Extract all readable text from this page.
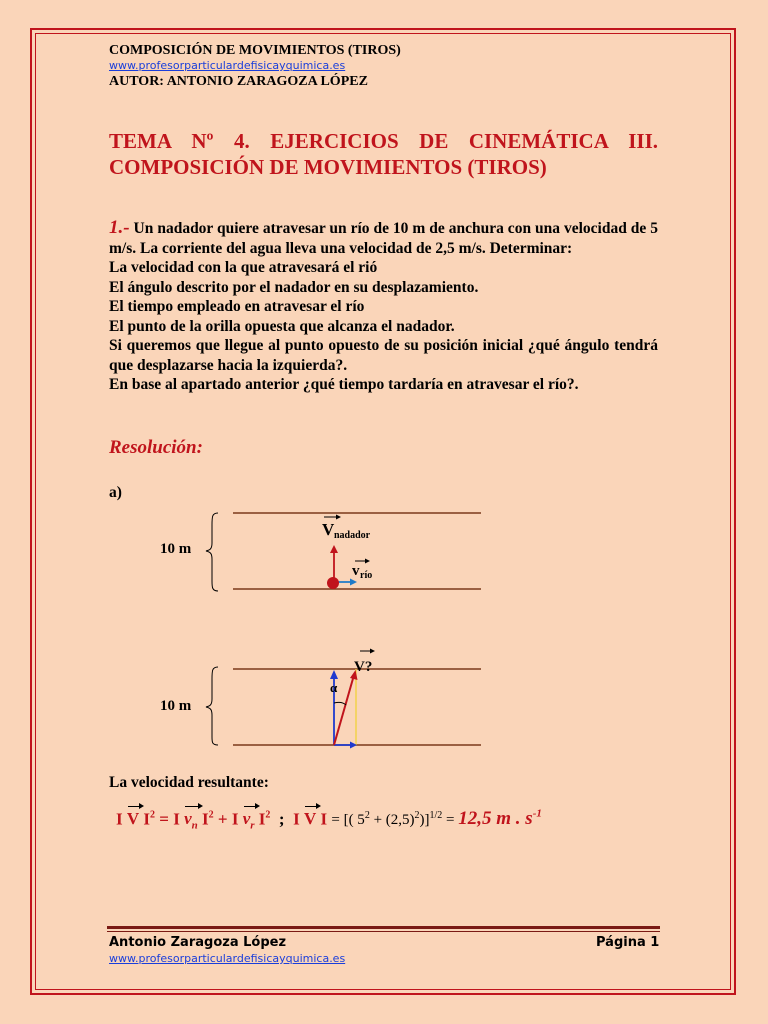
COMPOSICIÓN DE MOVIMIENTOS (TIROS)
www.profesorparticulardefisicayquimica.es
AUTOR: ANTONIO ZARAGOZA LÓPEZ
TEMA Nº 4. EJERCICIOS DE CINEMÁTICA III. COMPOSICIÓN DE MOVIMIENTOS (TIROS)
1.- Un nadador quiere atravesar un río de 10 m de anchura con una velocidad de 5 m/s. La corriente del agua lleva una velocidad de 2,5 m/s. Determinar:
La velocidad con la que atravesará el rió
El ángulo descrito por el nadador en su desplazamiento.
El tiempo empleado en atravesar el río
El punto de la orilla opuesta que alcanza el nadador.
Si queremos que llegue al punto opuesto de su posición inicial ¿qué ángulo tendrá que desplazarse hacia la izquierda?.
En base al apartado anterior ¿qué tiempo tardaría en atravesar el río?.
Resolución:
a)
10 m
V nadador
v río
10 m
α
V?
La velocidad resultante:
I V $I^2 = I$ $v_n$ $I^2 + I$ $v_r$ $I^2$ ; I V I = [( $5^2 + (2,5)^2)]^{1/2} = 12,5$ m . $s^{-1}$
Antonio Zaragoza López	Página 1
www.profesorparticulardefisicayquimica.es
